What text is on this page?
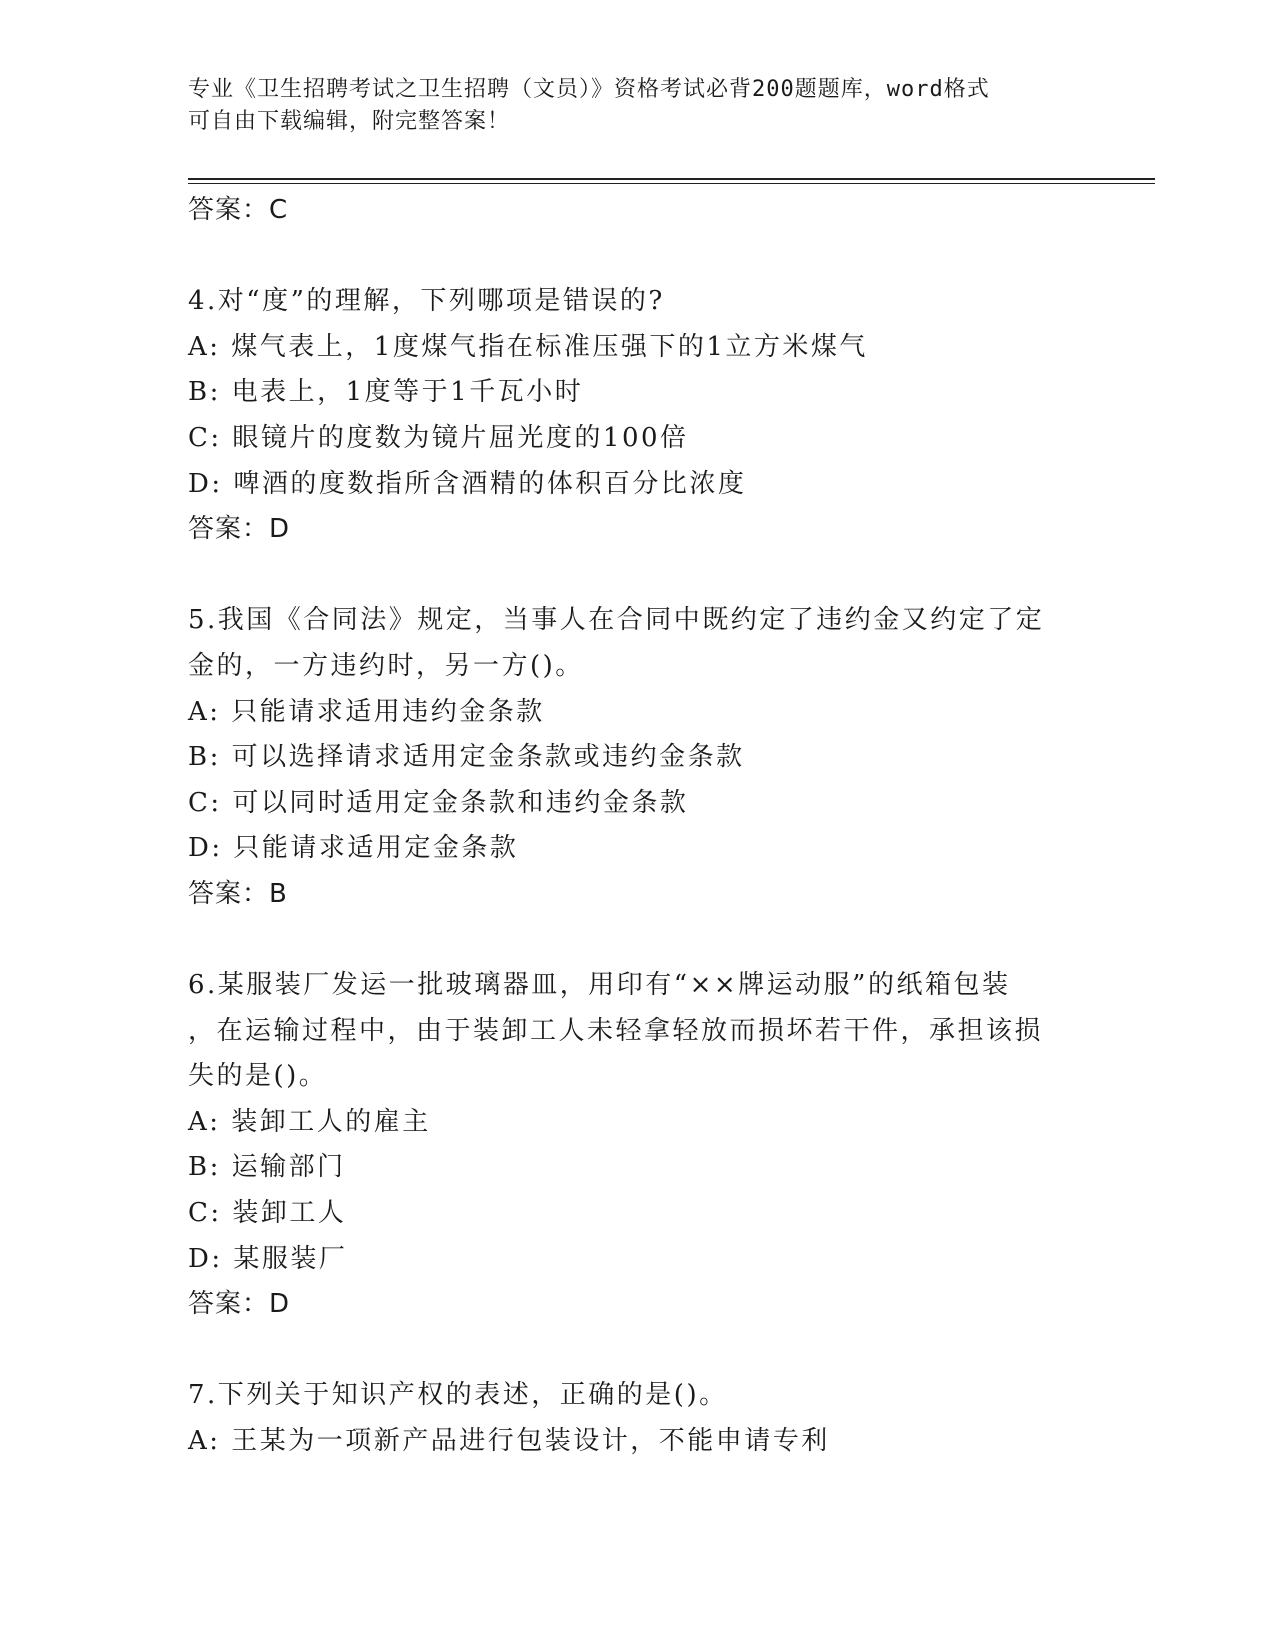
专业《卫生招聘考试之卫生招聘（文员）》资格考试必背200题题库，word格式
可自由下载编辑，附完整答案！
答案：C
4.对“度”的理解，下列哪项是错误的?
A: 煤气表上，1度煤气指在标准压强下的1立方米煤气
B: 电表上，1度等于1千瓦小时
C: 眼镜片的度数为镜片屈光度的100倍
D: 啤酒的度数指所含酒精的体积百分比浓度
答案：D
5.我国《合同法》规定，当事人在合同中既约定了违约金又约定了定
金的，一方违约时，另一方()。
A: 只能请求适用违约金条款
B: 可以选择请求适用定金条款或违约金条款
C: 可以同时适用定金条款和违约金条款
D: 只能请求适用定金条款
答案：B
6.某服装厂发运一批玻璃器皿，用印有“××牌运动服”的纸箱包装
，在运输过程中，由于装卸工人未轻拿轻放而损坏若干件，承担该损
失的是()。
A: 装卸工人的雇主
B: 运输部门
C: 装卸工人
D: 某服装厂
答案：D
7.下列关于知识产权的表述，正确的是()。
A: 王某为一项新产品进行包装设计，不能申请专利
